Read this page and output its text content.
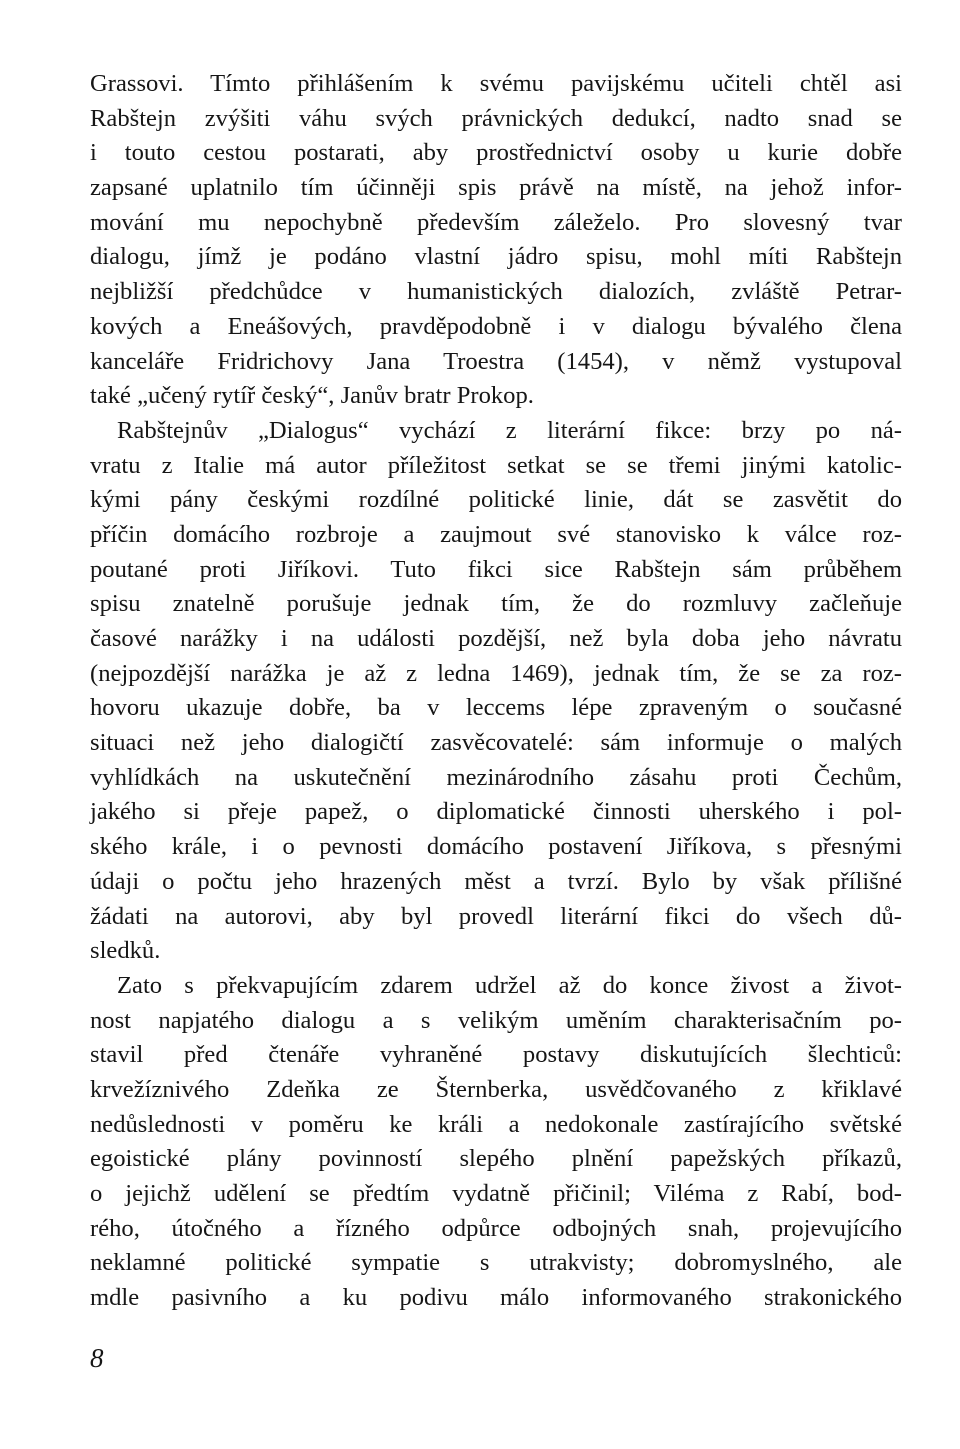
Grassovi. Tímto přihlášením k svému pavijskému učiteli chtěl asi
Rabštejn zvýšiti váhu svých právnických dedukcí, nadto snad se
i touto cestou postarati, aby prostřednictví osoby u kurie dobře
zapsané uplatnilo tím účinněji spis právě na místě, na jehož infor-
mování mu nepochybně především záleželo. Pro slovesný tvar
dialogu, jímž je podáno vlastní jádro spisu, mohl míti Rabštejn
nejbližší předchůdce v humanistických dialozích, zvláště Petrar-
kových a Eneášových, pravděpodobně i v dialogu bývalého člena
kanceláře Fridrichovy Jana Troestra (1454), v němž vystupoval
také „učený rytíř český“, Janův bratr Prokop.
Rabštejnův „Dialogus“ vychází z literární fikce: brzy po ná-
vratu z Italie má autor příležitost setkat se se třemi jinými katolic-
kými pány českými rozdílné politické linie, dát se zasvětit do
příčin domácího rozbroje a zaujmout své stanovisko k válce roz-
poutané proti Jiříkovi. Tuto fikci sice Rabštejn sám průběhem
spisu znatelně porušuje jednak tím, že do rozmluvy začleňuje
časové narážky i na události pozdější, než byla doba jeho návratu
(nejpozdější narážka je až z ledna 1469), jednak tím, že se za roz-
hovoru ukazuje dobře, ba v leccems lépe zpraveným o současné
situaci než jeho dialogičtí zasvěcovatelé: sám informuje o malých
vyhlídkách na uskutečnění mezinárodního zásahu proti Čechům,
jakého si přeje papež, o diplomatické činnosti uherského i pol-
ského krále, i o pevnosti domácího postavení Jiříkova, s přesnými
údaji o počtu jeho hrazených měst a tvrzí. Bylo by však přílišné
žádati na autorovi, aby byl provedl literární fikci do všech dů-
sledků.
Zato s překvapujícím zdarem udržel až do konce živost a život-
nost napjatého dialogu a s velikým uměním charakterisačním po-
stavil před čtenáře vyhraněné postavy diskutujících šlechticů:
krvežíznivého Zdeňka ze Šternberka, usvědčovaného z křiklavé
nedůslednosti v poměru ke králi a nedokonale zastírajícího světské
egoistické plány povinností slepého plnění papežských příkazů,
o jejichž udělení se předtím vydatně přičinil; Viléma z Rabí, bod-
rého, útočného a řízného odpůrce odbojných snah, projevujícího
neklamné politické sympatie s utrakvisty; dobromyslného, ale
mdle pasivního a ku podivu málo informovaného strakonického
8
